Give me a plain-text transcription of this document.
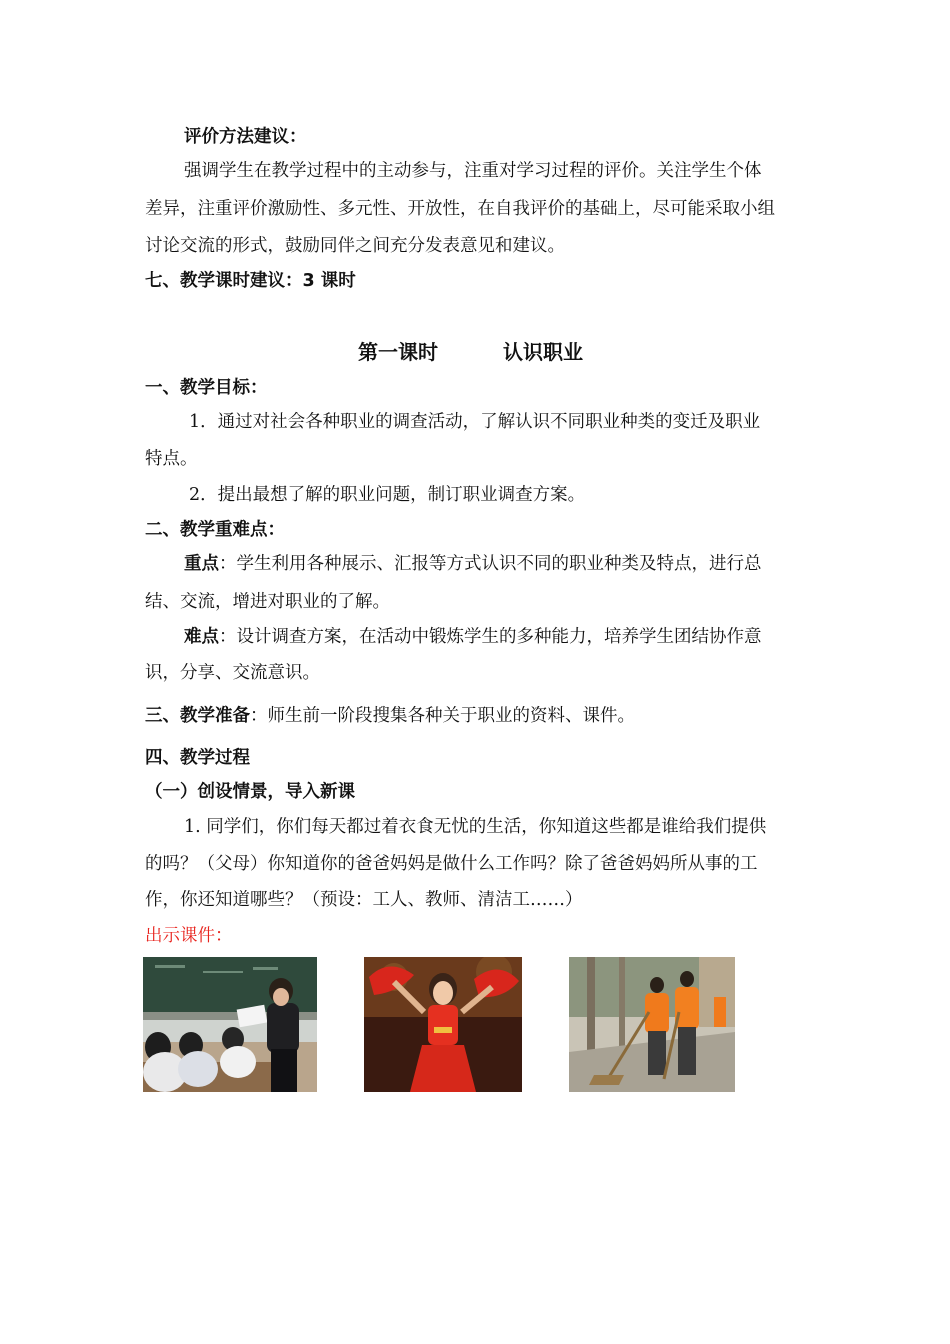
评价方法建议：
强调学生在教学过程中的主动参与，注重对学习过程的评价。关注学生个体
差异，注重评价激励性、多元性、开放性，在自我评价的基础上，尽可能采取小组
讨论交流的形式，鼓励同伴之间充分发表意见和建议。
七、教学课时建议：3 课时
第一课时	认识职业
一、教学目标：
1．通过对社会各种职业的调查活动，了解认识不同职业种类的变迁及职业
特点。
2．提出最想了解的职业问题，制订职业调查方案。
二、教学重难点：
重点：学生利用各种展示、汇报等方式认识不同的职业种类及特点，进行总
结、交流，增进对职业的了解。
难点：设计调查方案，在活动中锻炼学生的多种能力，培养学生团结协作意
识，分享、交流意识。
三、教学准备：师生前一阶段搜集各种关于职业的资料、课件。
四、教学过程
（一）创设情景，导入新课
1. 同学们，你们每天都过着衣食无忧的生活，你知道这些都是谁给我们提供
的吗？（父母）你知道你的爸爸妈妈是做什么工作吗？除了爸爸妈妈所从事的工
作，你还知道哪些？（预设：工人、教师、清洁工……）
出示课件：
